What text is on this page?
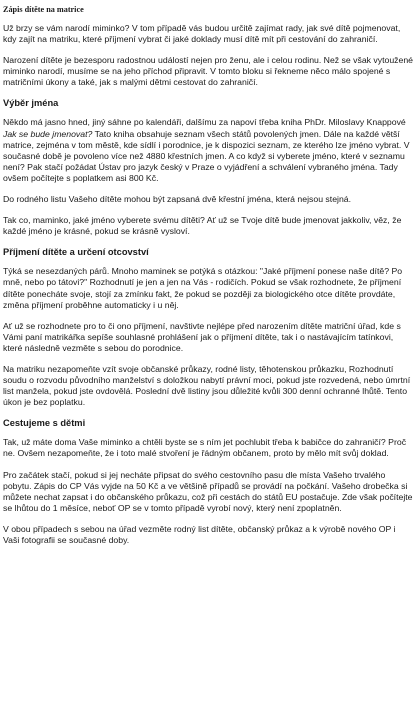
Zápis dítěte na matrice

Už brzy se vám narodí miminko? V tom případě vás budou určitě zajímat rady, jak své dítě pojmenovat, kdy zajít na matriku, které příjmení vybrat či jaké doklady musí dítě mít při cestování do zahraničí.

Narození dítěte je bezesporu radostnou událostí nejen pro ženu, ale i celou rodinu. Než se však vytoužené miminko narodí, musíme se na jeho příchod připravit. V tomto bloku si řekneme něco málo spojené s matričními úkony a také, jak s malými dětmi cestovat do zahraničí.

Výběr jména

Někdo má jasno hned, jiný sáhne po kalendáři, dalšímu za napoví třeba kniha PhDr. Miloslavy Knappové Jak se bude jmenovat? Tato kniha obsahuje seznam všech států povolených jmen. Dále na každé větší matrice, zejména v tom městě, kde sídlí i porodnice, je k dispozici seznam, ze kterého lze jméno vybrat. V současné době je povoleno více než 4880 křestních jmen. A co když si vyberete jméno, které v seznamu není? Pak stačí požádat Ústav pro jazyk český v Praze o vyjádření a schválení vybraného jména. Tady ovšem počítejte s poplatkem asi 800 Kč.

Do rodného listu Vašeho dítěte mohou být zapsaná dvě křestní jména, která nejsou stejná.

Tak co, maminko, jaké jméno vyberete svému dítěti? Ať už se Tvoje dítě bude jmenovat jakkoliv, věz, že každé jméno je krásné, pokud se krásně vysloví.

Příjmení dítěte a určení otcovství

Týká se nesezdaných párů. Mnoho maminek se potýká s otázkou: "Jaké příjmení ponese naše dítě? Po mně, nebo po tátovi?" Rozhodnutí je jen a jen na Vás - rodičích. Pokud se však rozhodnete, že příjmení dítěte ponecháte svoje, stojí za zmínku fakt, že pokud se později za biologického otce dítěte provdáte, změna příjmení proběhne automaticky i u něj.

Ať už se rozhodnete pro to či ono příjmení, navštivte nejlépe před narozením dítěte matriční úřad, kde s Vámi paní matrikářka sepíše souhlasné prohlášení jak o příjmení dítěte, tak i o nastávajícím tatínkovi, které následně vezměte s sebou do porodnice.

Na matriku nezapomeňte vzít svoje občanské průkazy, rodné listy, těhotenskou průkazku, Rozhodnutí soudu o rozvodu původního manželství s doložkou nabytí právní moci, pokud jste rozvedená, nebo úmrtní list manžela, pokud jste ovdovělá. Poslední dvě listiny jsou důležité kvůli 300 denní ochranné lhůtě. Tento úkon je bez poplatku.

Cestujeme s dětmi

Tak, už máte doma Vaše miminko a chtěli byste se s ním jet pochlubit třeba k babičce do zahraničí? Proč ne. Ovšem nezapomeňte, že i toto malé stvoření je řádným občanem, proto by mělo mít svůj doklad.

Pro začátek stačí, pokud si jej necháte připsat do svého cestovního pasu dle místa Vašeho trvalého pobytu. Zápis do CP Vás vyjde na 50 Kč a ve většině případů se provádí na počkání. Vašeho drobečka si můžete nechat zapsat i do občanského průkazu, což při cestách do států EU postačuje. Zde však počítejte se lhůtou do 1 měsíce, neboť OP se v tomto případě vyrobí nový, který není zpoplatněn.

V obou případech s sebou na úřad vezměte rodný list dítěte, občanský průkaz a k výrobě nového OP i Vaši fotografii se současné doby.
